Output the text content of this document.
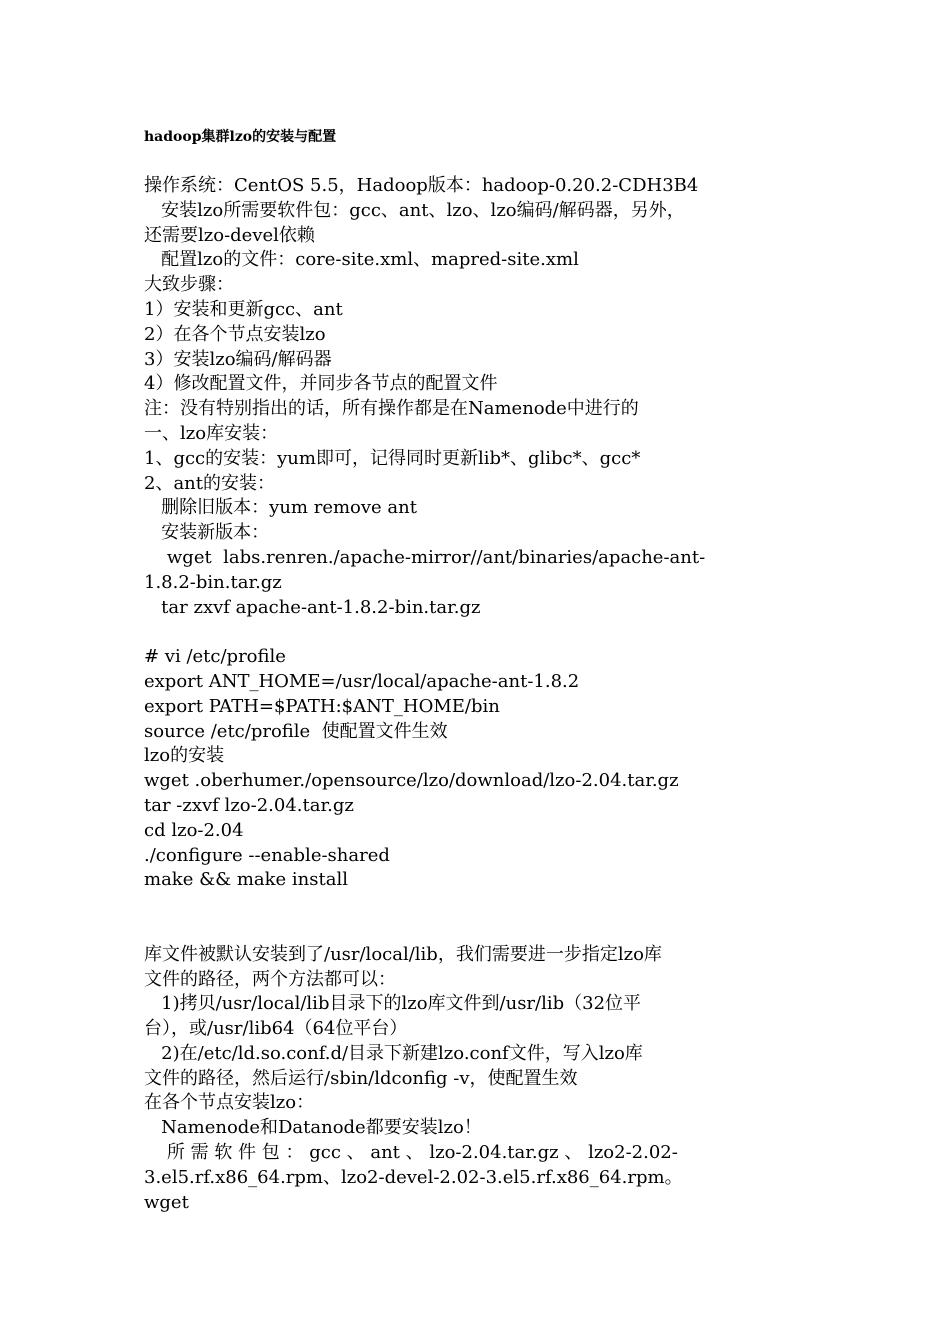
hadoop集群lzo的安装与配置
操作系统：CentOS 5.5，Hadoop版本：hadoop-0.20.2-CDH3B4
安装lzo所需要软件包：gcc、ant、lzo、lzo编码/解码器，另外，
还需要lzo-devel依赖
配置lzo的文件：core-site.xml、mapred-site.xml
大致步骤：
1）安装和更新gcc、ant
2）在各个节点安装lzo
3）安装lzo编码/解码器
4）修改配置文件，并同步各节点的配置文件
注：没有特别指出的话，所有操作都是在Namenode中进行的
一、lzo库安装：
1、gcc的安装：yum即可，记得同时更新lib*、glibc*、gcc*
2、ant的安装：
删除旧版本：yum remove ant
安装新版本：
wget  labs.renren./apache-mirror//ant/binaries/apache-ant-
1.8.2-bin.tar.gz
tar zxvf apache-ant-1.8.2-bin.tar.gz
# vi /etc/profile
export ANT_HOME=/usr/local/apache-ant-1.8.2
export PATH=$PATH:$ANT_HOME/bin
source /etc/profile  使配置文件生效
lzo的安装
wget .oberhumer./opensource/lzo/download/lzo-2.04.tar.gz
tar -zxvf lzo-2.04.tar.gz
cd lzo-2.04
./configure --enable-shared
make && make install
库文件被默认安装到了/usr/local/lib，我们需要进一步指定lzo库
文件的路径，两个方法都可以：
1)拷贝/usr/local/lib目录下的lzo库文件到/usr/lib（32位平
台），或/usr/lib64（64位平台）
2)在/etc/ld.so.conf.d/目录下新建lzo.conf文件，写入lzo库
文件的路径，然后运行/sbin/ldconfig -v，使配置生效
在各个节点安装lzo：
Namenode和Datanode都要安装lzo！
所 需 软 件 包 ： gcc 、 ant 、 lzo-2.04.tar.gz 、 lzo2-2.02-
3.el5.rf.x86_64.rpm、lzo2-devel-2.02-3.el5.rf.x86_64.rpm。
wget
